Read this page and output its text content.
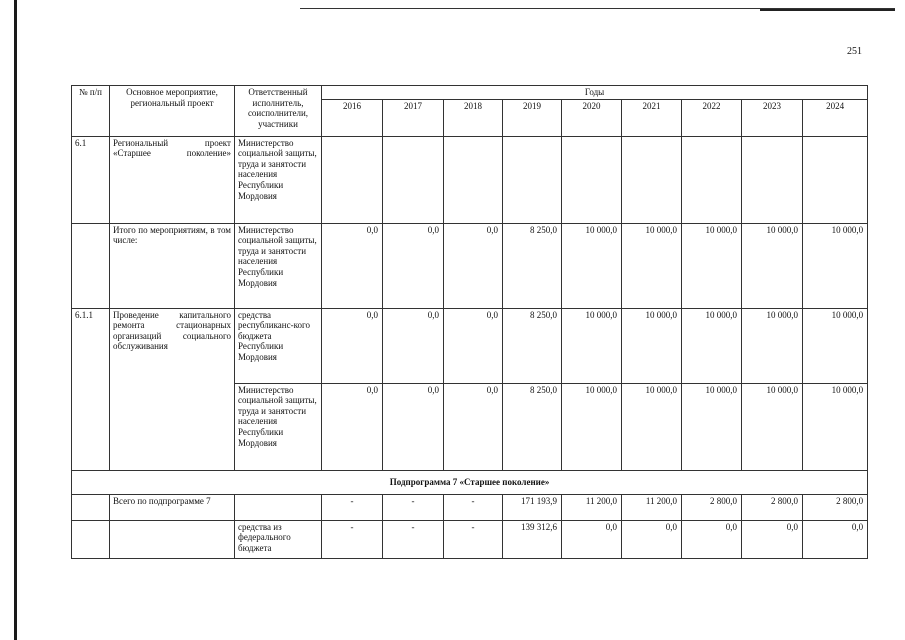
251
№ п/п	Основное мероприятие, региональный проект	Ответственный исполнитель, соисполнители, участники	Годы								
			2016	2017	2018	2019	2020	2021	2022	2023	2024
6.1	Региональный проект «Старшее поколение»	Министерство социальной защиты, труда и занятости населения Республики Мордовия									
	Итого по мероприятиям, в том числе:	Министерство социальной защиты, труда и занятости населения Республики Мордовия	0,0	0,0	0,0	8 250,0	10 000,0	10 000,0	10 000,0	10 000,0	10 000,0
6.1.1	Проведение капитального ремонта стационарных организаций социального обслуживания	средства республиканс-кого бюджета Республики Мордовия	0,0	0,0	0,0	8 250,0	10 000,0	10 000,0	10 000,0	10 000,0	10 000,0
		Министерство социальной защиты, труда и занятости населения Республики Мордовия	0,0	0,0	0,0	8 250,0	10 000,0	10 000,0	10 000,0	10 000,0	10 000,0
Подпрограмма 7 «Старшее поколение»											
	Всего по подпрограмме 7		-	-	-	171 193,9	11 200,0	11 200,0	2 800,0	2 800,0	2 800,0
		средства из федерального бюджета	-	-	-	139 312,6	0,0	0,0	0,0	0,0	0,0
